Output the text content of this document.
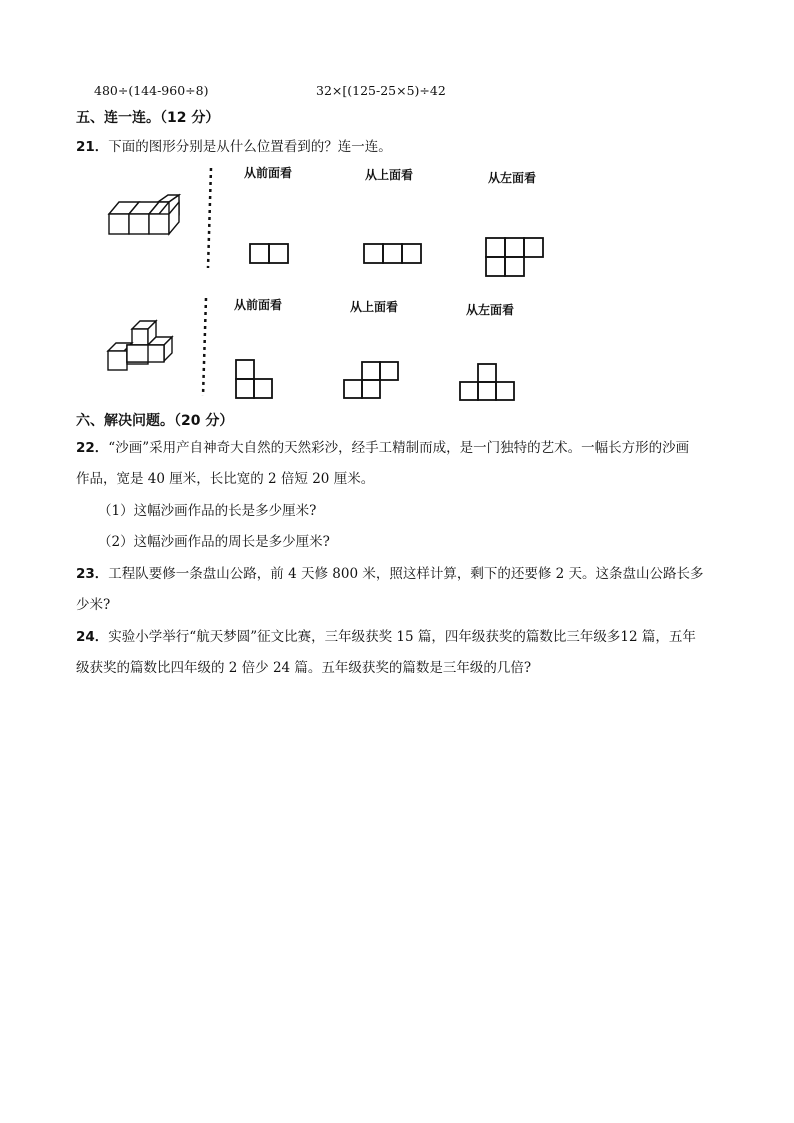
480÷(144-960÷8)	32×[(125-25×5)÷42
五、连一连。（12 分）
21．下面的图形分别是从什么位置看到的？连一连。
从前面看	从上面看	从左面看
从前面看	从上面看	从左面看
六、解决问题。（20 分）
22．“沙画”采用产自神奇大自然的天然彩沙，经手工精制而成，是一门独特的艺术。一幅长方形的沙画
作品，宽是 40 厘米，长比宽的 2 倍短 20 厘米。
（1）这幅沙画作品的长是多少厘米?
（2）这幅沙画作品的周长是多少厘米?
23．工程队要修一条盘山公路，前 4 天修 800 米，照这样计算，剩下的还要修 2 天。这条盘山公路长多
少米?
24．实验小学举行“航天梦圆”征文比赛，三年级获奖 15 篇，四年级获奖的篇数比三年级多12 篇，五年
级获奖的篇数比四年级的 2 倍少 24 篇。五年级获奖的篇数是三年级的几倍?
